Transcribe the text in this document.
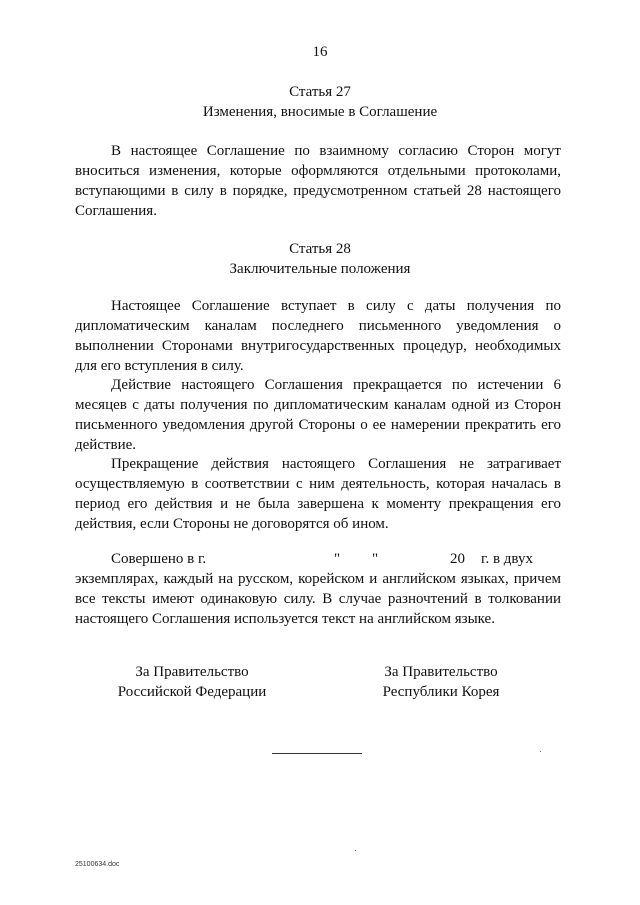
16
Статья 27
Изменения, вносимые в Соглашение

В настоящее Соглашение по взаимному согласию Сторон могут вноситься изменения, которые оформляются отдельными протоколами, вступающими в силу в порядке, предусмотренном статьей 28 настоящего Соглашения.

Статья 28
Заключительные положения

Настоящее Соглашение вступает в силу с даты получения по дипломатическим каналам последнего письменного уведомления о выполнении Сторонами внутригосударственных процедур, необходимых для его вступления в силу.

Действие настоящего Соглашения прекращается по истечении 6 месяцев с даты получения по дипломатическим каналам одной из Сторон письменного уведомления другой Стороны о ее намерении прекратить его действие.

Прекращение действия настоящего Соглашения не затрагивает осуществляемую в соответствии с ним деятельность, которая началась в период его действия и не была завершена к моменту прекращения его действия, если Стороны не договорятся об ином.

Совершено в г.	" "	20 г. в двух

экземплярах, каждый на русском, корейском и английском языках, причем все тексты имеют одинаковую силу. В случае разночтений в толковании настоящего Соглашения используется текст на английском языке.

За Правительство
Российской Федерации
За Правительство
Республики Корея
25100634.doc
